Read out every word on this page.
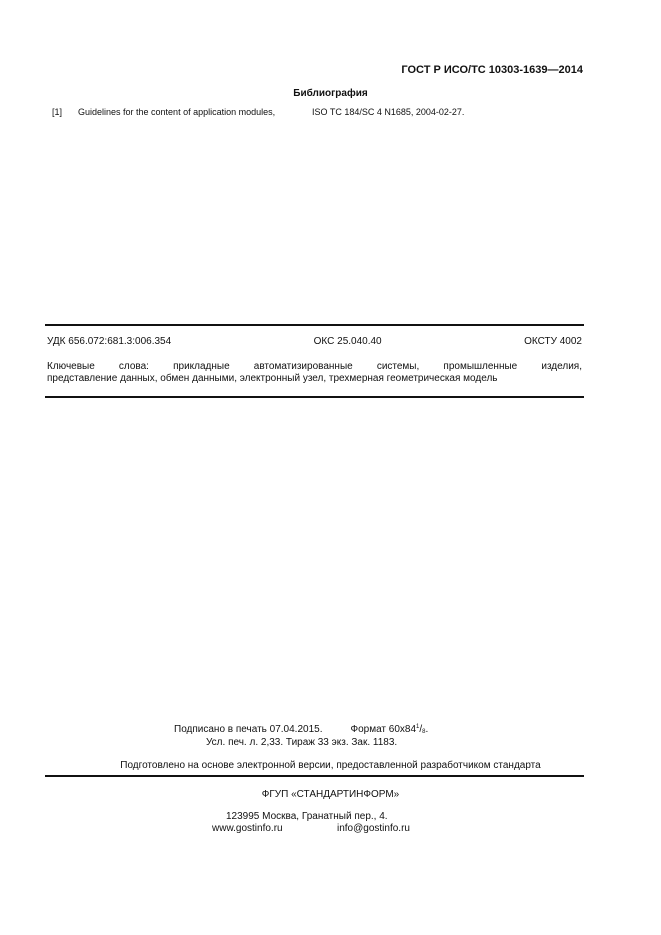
ГОСТ Р ИСО/ТС 10303-1639—2014
Библиография
[1] Guidelines for the content of application modules,	ISO TC 184/SC 4 N1685, 2004-02-27.
УДК 656.072:681.3:006.354	ОКС 25.040.40	ОКСТУ 4002
Ключевые слова: прикладные автоматизированные системы, промышленные изделия,
представление данных, обмен данными, электронный узел, трехмерная геометрическая модель
Подписано в печать 07.04.2015.	Формат $60x84^1/_8$.
Усл. печ. л. 2,33. Тираж 33 экз. Зак. 1183.
Подготовлено на основе электронной версии, предоставленной разработчиком стандарта
ФГУП «СТАНДАРТИНФОРМ»
123995 Москва, Гранатный пер., 4.
www.gostinfo.ru	info@gostinfo.ru
